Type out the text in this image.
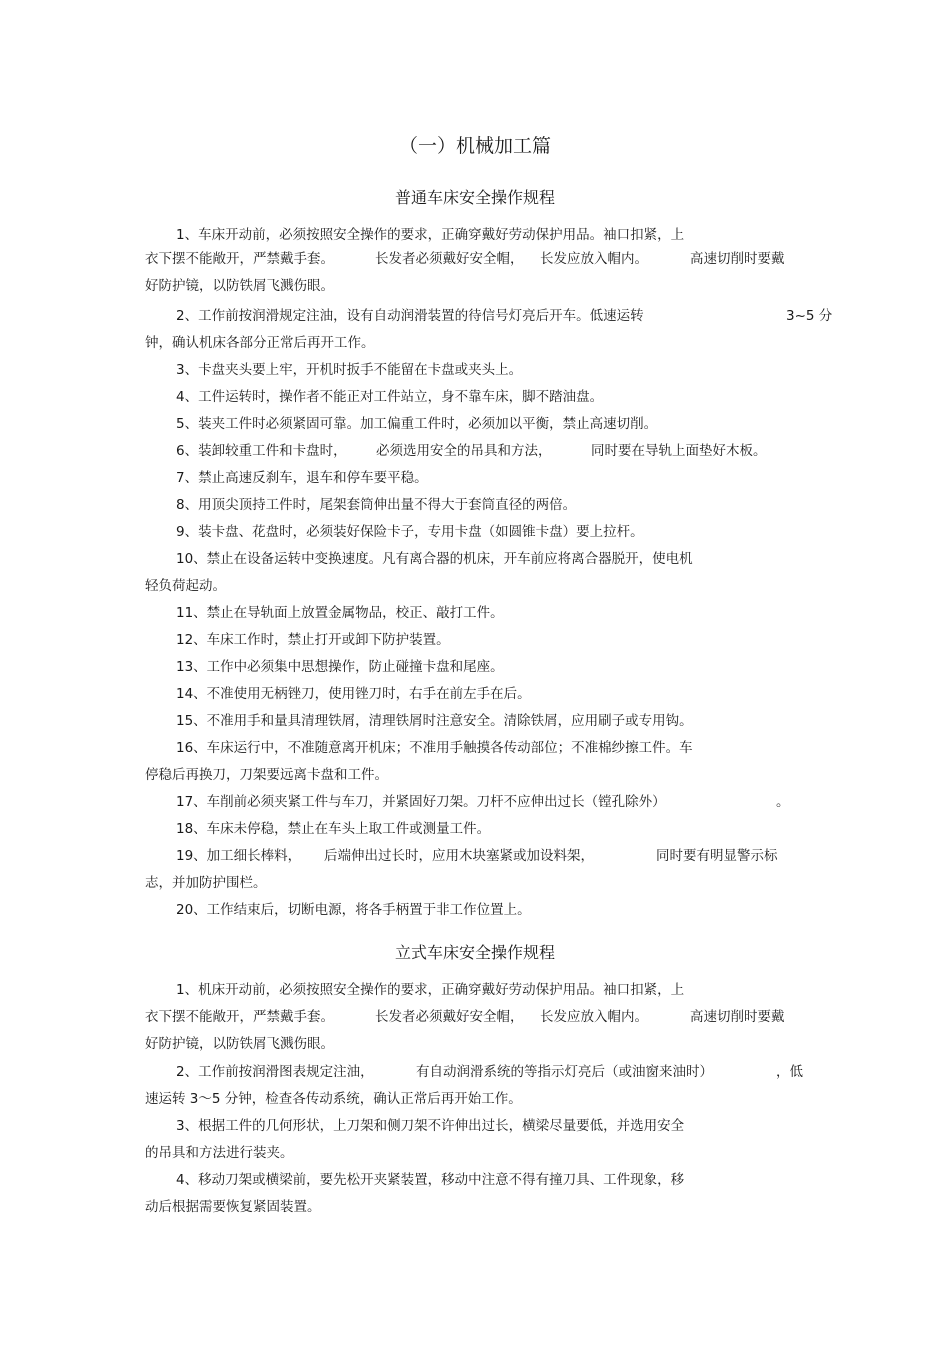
（一）机械加工篇
普通车床安全操作规程
1、车床开动前，必须按照安全操作的要求，正确穿戴好劳动保护用品。袖口扣紧，上
衣下摆不能敞开，严禁戴手套。	长发者必须戴好安全帽， 长发应放入帽内。	高速切削时要戴
好防护镜，以防铁屑飞溅伤眼。
2、工作前按润滑规定注油，设有自动润滑装置的待信号灯亮后开车。低速运转	3~5 分
钟，确认机床各部分正常后再开工作。
3、卡盘夹头要上牢，开机时扳手不能留在卡盘或夹头上。
4、工件运转时，操作者不能正对工件站立，身不靠车床，脚不踏油盘。
5、装夹工件时必须紧固可靠。加工偏重工件时，必须加以平衡，禁止高速切削。
6、装卸较重工件和卡盘时， 必须选用安全的吊具和方法，	同时要在导轨上面垫好木板。
7、禁止高速反刹车，退车和停车要平稳。
8、用顶尖顶持工件时，尾架套筒伸出量不得大于套筒直径的两倍。
9、装卡盘、花盘时，必须装好保险卡子，专用卡盘（如圆锥卡盘）要上拉杆。
10、禁止在设备运转中变换速度。凡有离合器的机床，开车前应将离合器脱开，使电机
轻负荷起动。
11、禁止在导轨面上放置金属物品，校正、敲打工件。
12、车床工作时，禁止打开或卸下防护装置。
13、工作中必须集中思想操作，防止碰撞卡盘和尾座。
14、不准使用无柄锉刀，使用锉刀时，右手在前左手在后。
15、不准用手和量具清理铁屑，清理铁屑时注意安全。清除铁屑，应用刷子或专用钩。
16、车床运行中，不准随意离开机床；不准用手触摸各传动部位；不准棉纱擦工件。车
停稳后再换刀，刀架要远离卡盘和工件。
17、车削前必须夹紧工件与车刀，并紧固好刀架。刀杆不应伸出过长（镗孔除外）	。
18、车床未停稳，禁止在车头上取工件或测量工件。
19、加工细长棒料， 后端伸出过长时，应用木块塞紧或加设料架，	同时要有明显警示标
志，并加防护围栏。
20、工作结束后，切断电源，将各手柄置于非工作位置上。
立式车床安全操作规程
1、机床开动前，必须按照安全操作的要求，正确穿戴好劳动保护用品。袖口扣紧，上
衣下摆不能敞开，严禁戴手套。	长发者必须戴好安全帽， 长发应放入帽内。	高速切削时要戴
好防护镜，以防铁屑飞溅伤眼。
2、工作前按润滑图表规定注油，	有自动润滑系统的等指示灯亮后（或油窗来油时）	，低
速运转 3～5 分钟，检查各传动系统，确认正常后再开始工作。
3、根据工件的几何形状，上刀架和侧刀架不许伸出过长，横梁尽量要低，并选用安全
的吊具和方法进行装夹。
4、移动刀架或横梁前，要先松开夹紧装置，移动中注意不得有撞刀具、工件现象，移
动后根据需要恢复紧固装置。
